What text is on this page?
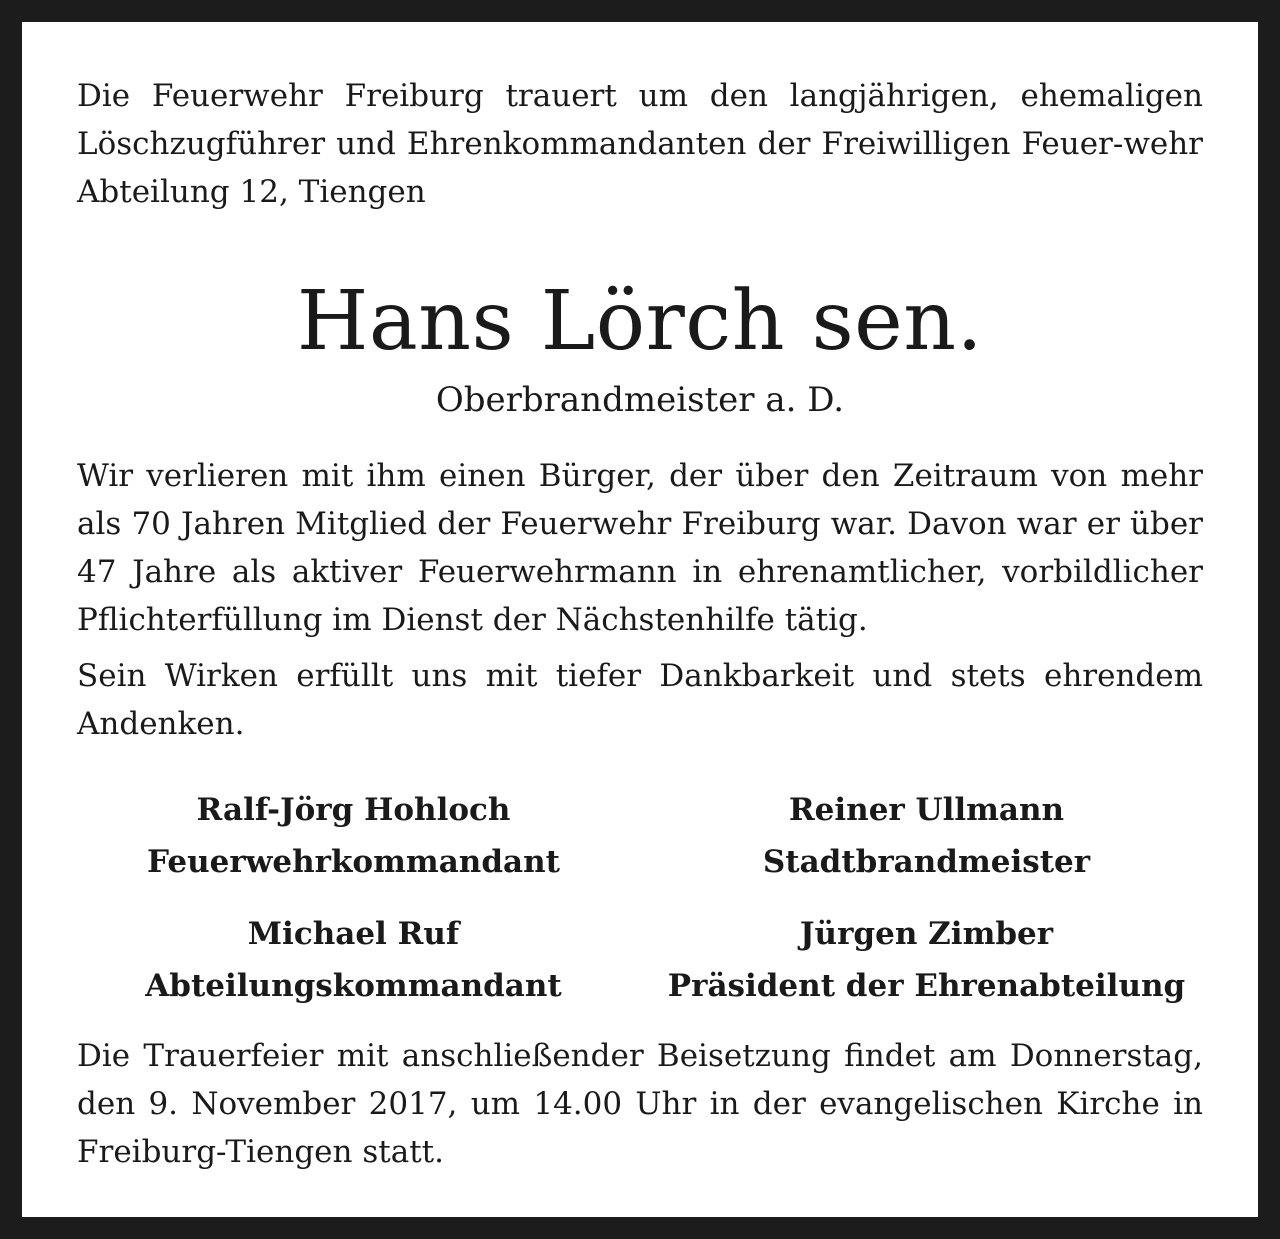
Die Feuerwehr Freiburg trauert um den langjährigen, ehemaligen Löschzugführer und Ehrenkommandanten der Freiwilligen Feuer-wehr Abteilung 12, Tiengen

Hans Lörch sen.
Oberbrandmeister a. D.

Wir verlieren mit ihm einen Bürger, der über den Zeitraum von mehr als 70 Jahren Mitglied der Feuerwehr Freiburg war. Davon war er über 47 Jahre als aktiver Feuerwehrmann in ehrenamtlicher, vorbildlicher Pflichterfüllung im Dienst der Nächstenhilfe tätig.

Sein Wirken erfüllt uns mit tiefer Dankbarkeit und stets ehrendem Andenken.

Ralf-Jörg Hohloch
Feuerwehrkommandant
Reiner Ullmann
Stadtbrandmeister
Michael Ruf
Abteilungskommandant
Jürgen Zimber
Präsident der Ehrenabteilung

Die Trauerfeier mit anschließender Beisetzung findet am Donnerstag, den 9. November 2017, um 14.00 Uhr in der evangelischen Kirche in Freiburg-Tiengen statt.
